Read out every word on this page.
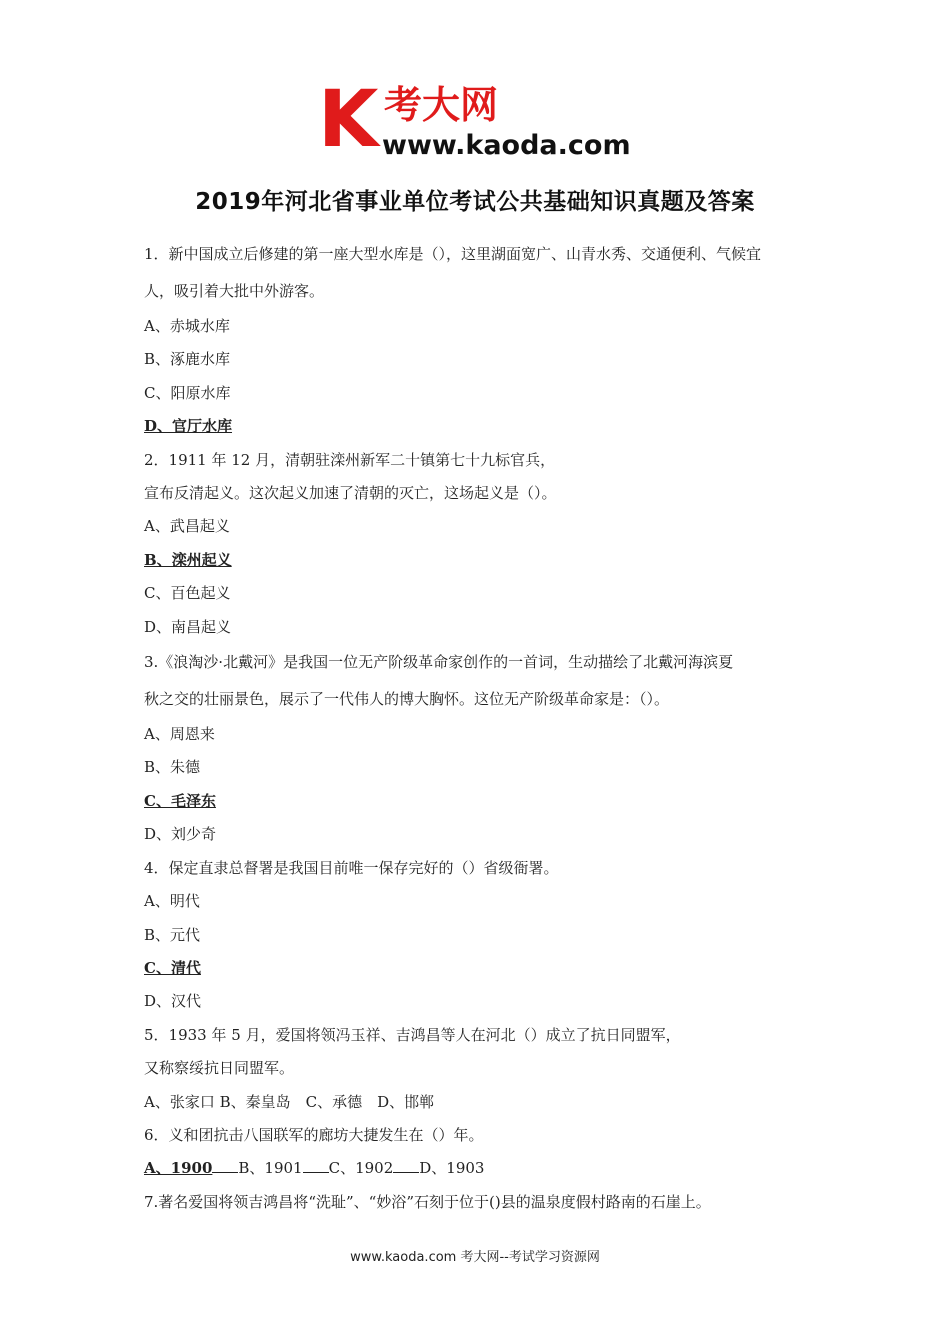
K 考大网
www.kaoda.com
2019年河北省事业单位考试公共基础知识真题及答案
1．新中国成立后修建的第一座大型水库是（），这里湖面宽广、山青水秀、交通便利、气候宜
人，吸引着大批中外游客。
A、赤城水库
B、涿鹿水库
C、阳原水库
D、官厅水库
2．1911 年 12 月，清朝驻滦州新军二十镇第七十九标官兵，
宣布反清起义。这次起义加速了清朝的灭亡，这场起义是（）。
A、武昌起义
B、滦州起义
C、百色起义
D、南昌起义
3.《浪淘沙·北戴河》是我国一位无产阶级革命家创作的一首词，生动描绘了北戴河海滨夏
秋之交的壮丽景色，展示了一代伟人的博大胸怀。这位无产阶级革命家是：（）。
A、周恩来
B、朱德
C、毛泽东
D、刘少奇
4．保定直隶总督署是我国目前唯一保存完好的（）省级衙署。
A、明代
B、元代
C、清代
D、汉代
5．1933 年 5 月，爱国将领冯玉祥、吉鸿昌等人在河北（）成立了抗日同盟军，
又称察绥抗日同盟军。
A、张家口 B、秦皇岛　C、承德　D、邯郸
6．义和团抗击八国联军的廊坊大捷发生在（）年。
A、1900 B、1901 C、1902 D、1903
7.著名爱国将领吉鸿昌将“洗耻”、“妙浴”石刻于位于()县的温泉度假村路南的石崖上。
www.kaoda.com 考大网--考试学习资源网
